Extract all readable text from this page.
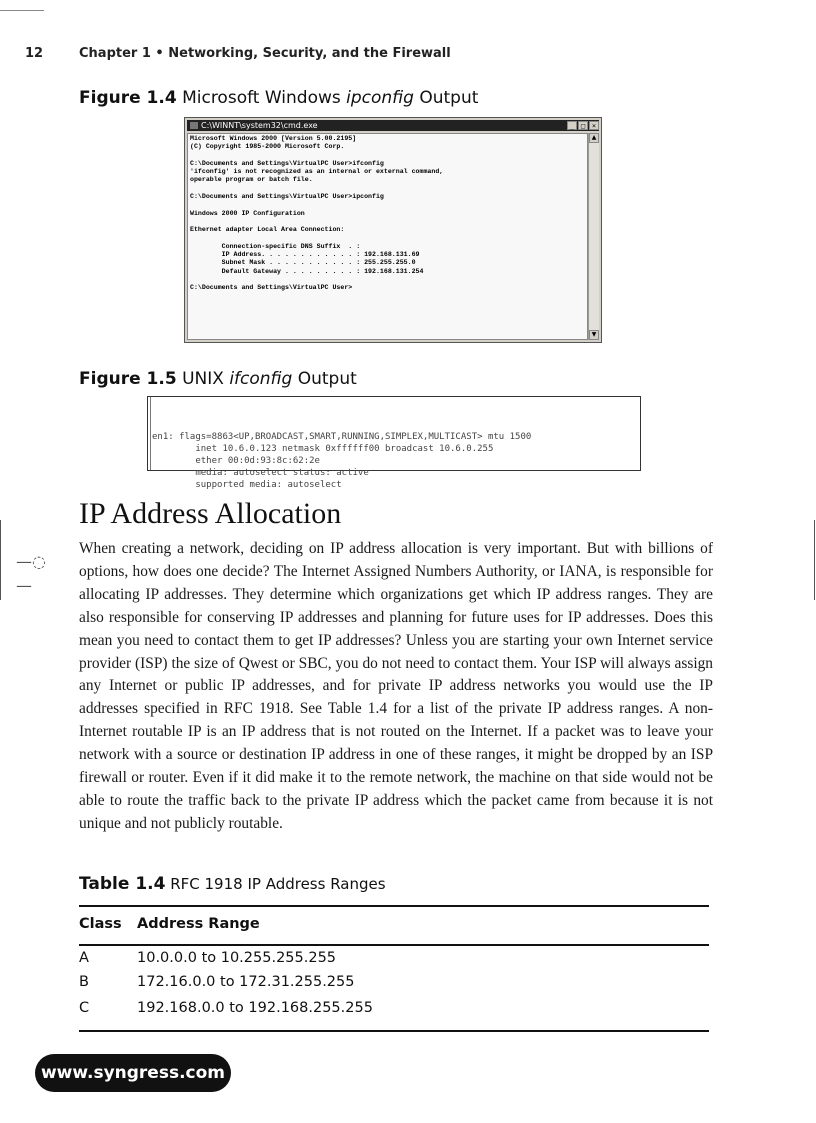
12	Chapter 1 • Networking, Security, and the Firewall
Figure 1.4 Microsoft Windows ipconfig Output
C:\WINNT\system32\cmd.exe	_ □ ×
Microsoft Windows 2000 [Version 5.00.2195]
(C) Copyright 1985-2000 Microsoft Corp.

C:\Documents and Settings\VirtualPC User>ifconfig
'ifconfig' is not recognized as an internal or external command,
operable program or batch file.

C:\Documents and Settings\VirtualPC User>ipconfig

Windows 2000 IP Configuration

Ethernet adapter Local Area Connection:

Connection-specific DNS Suffix  . :
IP Address. . . . . . . . . . . . : 192.168.131.69
Subnet Mask . . . . . . . . . . . : 255.255.255.0
Default Gateway . . . . . . . . . : 192.168.131.254

C:\Documents and Settings\VirtualPC User>
▲
▼
Figure 1.5 UNIX ifconfig Output

en1: flags=8863<UP,BROADCAST,SMART,RUNNING,SIMPLEX,MULTICAST> mtu 1500
inet 10.6.0.123 netmask 0xffffff00 broadcast 10.6.0.255
ether 00:0d:93:8c:62:2e
media: autoselect status: active
supported media: autoselect

IP Address Allocation
—◌—

When creating a network, deciding on IP address allocation is very important. But with billions of options, how does one decide? The Internet Assigned Numbers Authority, or IANA, is responsible for allocating IP addresses. They determine which organizations get which IP address ranges. They are also responsible for conserving IP addresses and planning for future uses for IP addresses. Does this mean you need to contact them to get IP addresses? Unless you are starting your own Internet service provider (ISP) the size of Qwest or SBC, you do not need to contact them. Your ISP will always assign any Internet or public IP addresses, and for private IP address networks you would use the IP addresses specified in RFC 1918. See Table 1.4 for a list of the private IP address ranges. A non-Internet routable IP is an IP address that is not routed on the Internet. If a packet was to leave your network with a source or destination IP address in one of these ranges, it might be dropped by an ISP firewall or router. Even if it did make it to the remote network, the machine on that side would not be able to route the traffic back to the private IP address which the packet came from because it is not unique and not publicly routable.

Table 1.4 RFC 1918 IP Address Ranges
Class Address Range
A	10.0.0.0 to 10.255.255.255
B	172.16.0.0 to 172.31.255.255
C	192.168.0.0 to 192.168.255.255
www.syngress.com
